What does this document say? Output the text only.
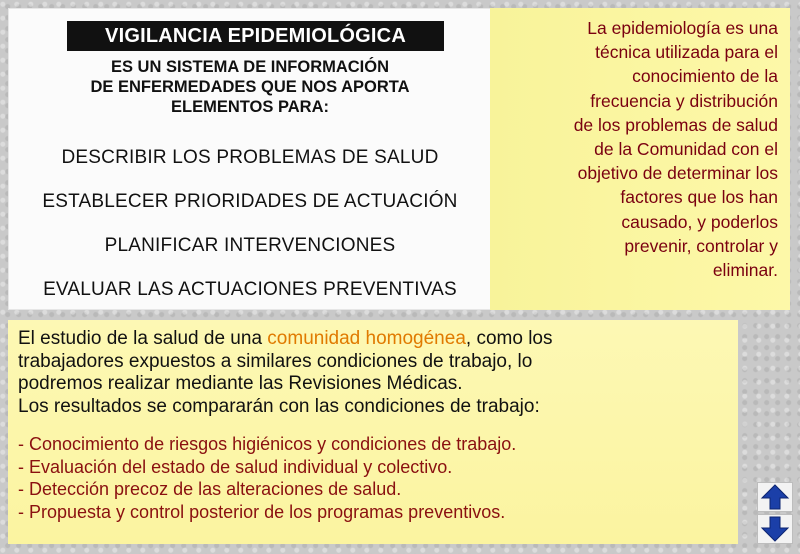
VIGILANCIA EPIDEMIOLÓGICA
ES UN SISTEMA DE INFORMACIÓN
DE ENFERMEDADES QUE NOS APORTA
ELEMENTOS PARA:
DESCRIBIR LOS PROBLEMAS DE SALUD
ESTABLECER PRIORIDADES DE ACTUACIÓN
PLANIFICAR INTERVENCIONES
EVALUAR LAS ACTUACIONES PREVENTIVAS
La epidemiología es una
técnica utilizada para el
conocimiento de la
frecuencia y distribución
de los problemas de salud
de la Comunidad con el
objetivo de determinar los
factores que los han
causado, y poderlos
prevenir, controlar y
eliminar.
El estudio de la salud de una comunidad homogénea, como los
trabajadores expuestos a similares condiciones de trabajo, lo
podremos realizar mediante las Revisiones Médicas.
Los resultados se compararán con las condiciones de trabajo:
- Conocimiento de riesgos higiénicos y condiciones de trabajo.
- Evaluación del estado de salud individual y colectivo.
- Detección precoz de las alteraciones de salud.
- Propuesta y control posterior de los programas preventivos.
